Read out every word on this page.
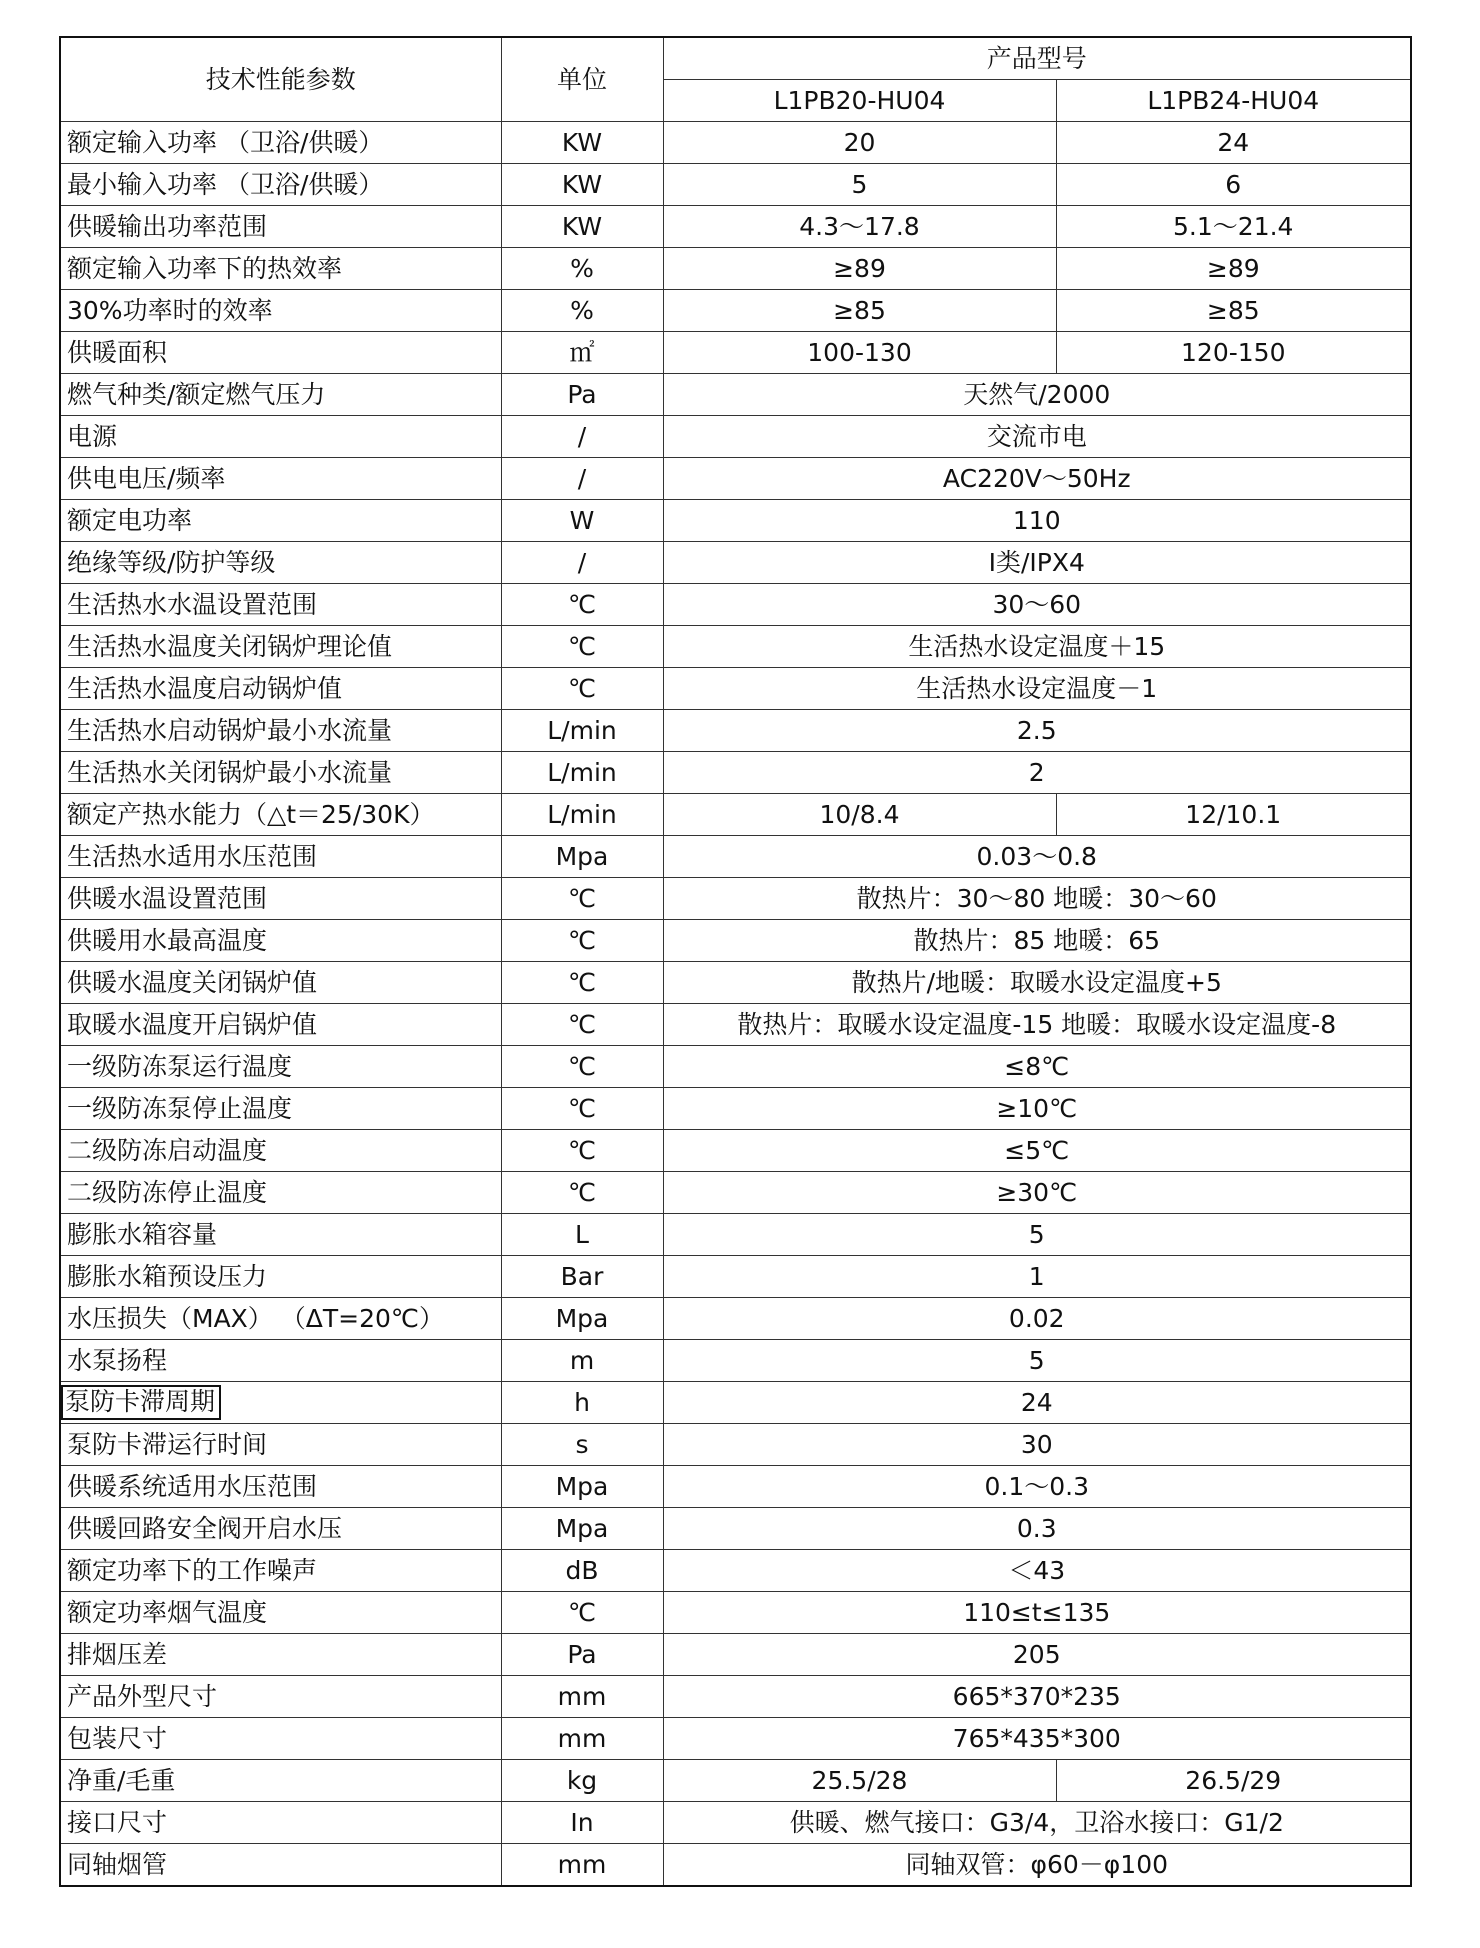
技术性能参数	单位	产品型号	
		L1PB20-HU04	L1PB24-HU04
额定输入功率 （卫浴/供暖）	KW	20	24
最小输入功率 （卫浴/供暖）	KW	5	6
供暖输出功率范围	KW	4.3～17.8	5.1～21.4
额定输入功率下的热效率	%	≥89	≥89
30%功率时的效率	%	≥85	≥85
供暖面积	㎡	100-130	120-150
燃气种类/额定燃气压力	Pa	天然气/2000	
电源	/	交流市电	
供电电压/频率	/	AC220V～50Hz	
额定电功率	W	110	
绝缘等级/防护等级	/	Ⅰ类/IPX4	
生活热水水温设置范围	℃	30～60	
生活热水温度关闭锅炉理论值	℃	生活热水设定温度＋15	
生活热水温度启动锅炉值	℃	生活热水设定温度－1	
生活热水启动锅炉最小水流量	L/min	2.5	
生活热水关闭锅炉最小水流量	L/min	2	
额定产热水能力（△t＝25/30K）	L/min	10/8.4	12/10.1
生活热水适用水压范围	Mpa	0.03～0.8	
供暖水温设置范围	℃	散热片：30～80 地暖：30～60	
供暖用水最高温度	℃	散热片：85 地暖：65	
供暖水温度关闭锅炉值	℃	散热片/地暖：取暖水设定温度+5	
取暖水温度开启锅炉值	℃	散热片：取暖水设定温度-15 地暖：取暖水设定温度-8	
一级防冻泵运行温度	℃	≤8℃	
一级防冻泵停止温度	℃	≥10℃	
二级防冻启动温度	℃	≤5℃	
二级防冻停止温度	℃	≥30℃	
膨胀水箱容量	L	5	
膨胀水箱预设压力	Bar	1	
水压损失（MAX） （ΔT=20℃）	Mpa	0.02	
水泵扬程	m	5	
泵防卡滞周期	h	24	
泵防卡滞运行时间	s	30	
供暖系统适用水压范围	Mpa	0.1～0.3	
供暖回路安全阀开启水压	Mpa	0.3	
额定功率下的工作噪声	dB	＜43	
额定功率烟气温度	℃	110≤t≤135	
排烟压差	Pa	205	
产品外型尺寸	mm	665*370*235	
包装尺寸	mm	765*435*300	
净重/毛重	kg	25.5/28	26.5/29
接口尺寸	In	供暖、燃气接口：G3/4，卫浴水接口：G1/2	
同轴烟管	mm	同轴双管：φ60－φ100	
